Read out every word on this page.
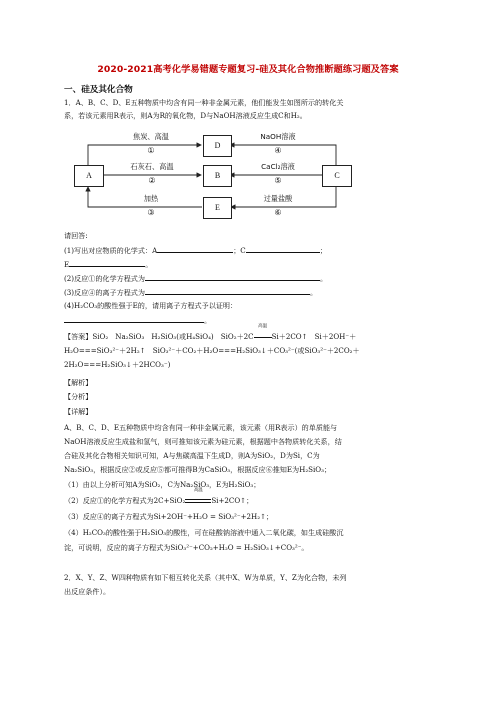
2020-2021高考化学易错题专题复习-硅及其化合物推断题练习题及答案
一、硅及其化合物
1．A、B、C、D、E五种物质中均含有同一种非金属元素，他们能发生如图所示的转化关
系，若该元素用R表示，则A为R的氧化物，D与NaOH溶液反应生成C和H₂。
A
D
B	C
E
焦炭、高温
①
NaOH溶液
④
石灰石、高温
②
CaCl₂溶液
⑤
加热
③
过量盐酸
⑥
请回答:
(1)写出对应物质的化学式：A	；C	；
E	。
(2)反应①的化学方程式为	。
(3)反应④的离子方程式为	。
(4)H₂CO₃的酸性强于E的，请用离子方程式予以证明：
。
【答案】SiO₂　Na₂SiO₃　H₂SiO₃(或H₄SiO₄)　SiO₂＋2C
高温
Si＋2CO↑　Si＋2OH⁻＋
H₂O===SiO₃²⁻＋2H₂↑　SiO₃²⁻＋CO₂＋H₂O===H₂SiO₃↓＋CO₃²⁻(或SiO₃²⁻＋2CO₂＋
2H₂O===H₂SiO₃↓＋2HCO₃⁻)
【解析】
【分析】
【详解】
A、B、C、D、E五种物质中均含有同一种非金属元素，该元素（用R表示）的单质能与
NaOH溶液反应生成盐和氢气，则可推知该元素为硅元素，根据题中各物质转化关系，结
合硅及其化合物相关知识可知，A与焦碳高温下生成D，则A为SiO₂，D为Si，C为
Na₂SiO₃，根据反应②或反应⑤都可推得B为CaSiO₃，根据反应⑥推知E为H₂SiO₃；
（1）由以上分析可知A为SiO₂，C为Na₂SiO₃，E为H₂SiO₃；
（2）反应①的化学方程式为2C+SiO₂
高温
Si+2CO↑；
（3）反应④的离子方程式为Si+2OH⁻+H₂O = SiO₃²⁻+2H₂↑；
（4）H₂CO₃的酸性强于H₂SiO₃的酸性，可在硅酸钠溶液中通入二氧化碳，如生成硅酸沉
淀，可说明，反应的离子方程式为SiO₃²⁻+CO₂+H₂O = H₂SiO₃↓+CO₃²⁻。
2．X、Y、Z、W四种物质有如下相互转化关系（其中X、W为单质，Y、Z为化合物，未列
出反应条件）。
